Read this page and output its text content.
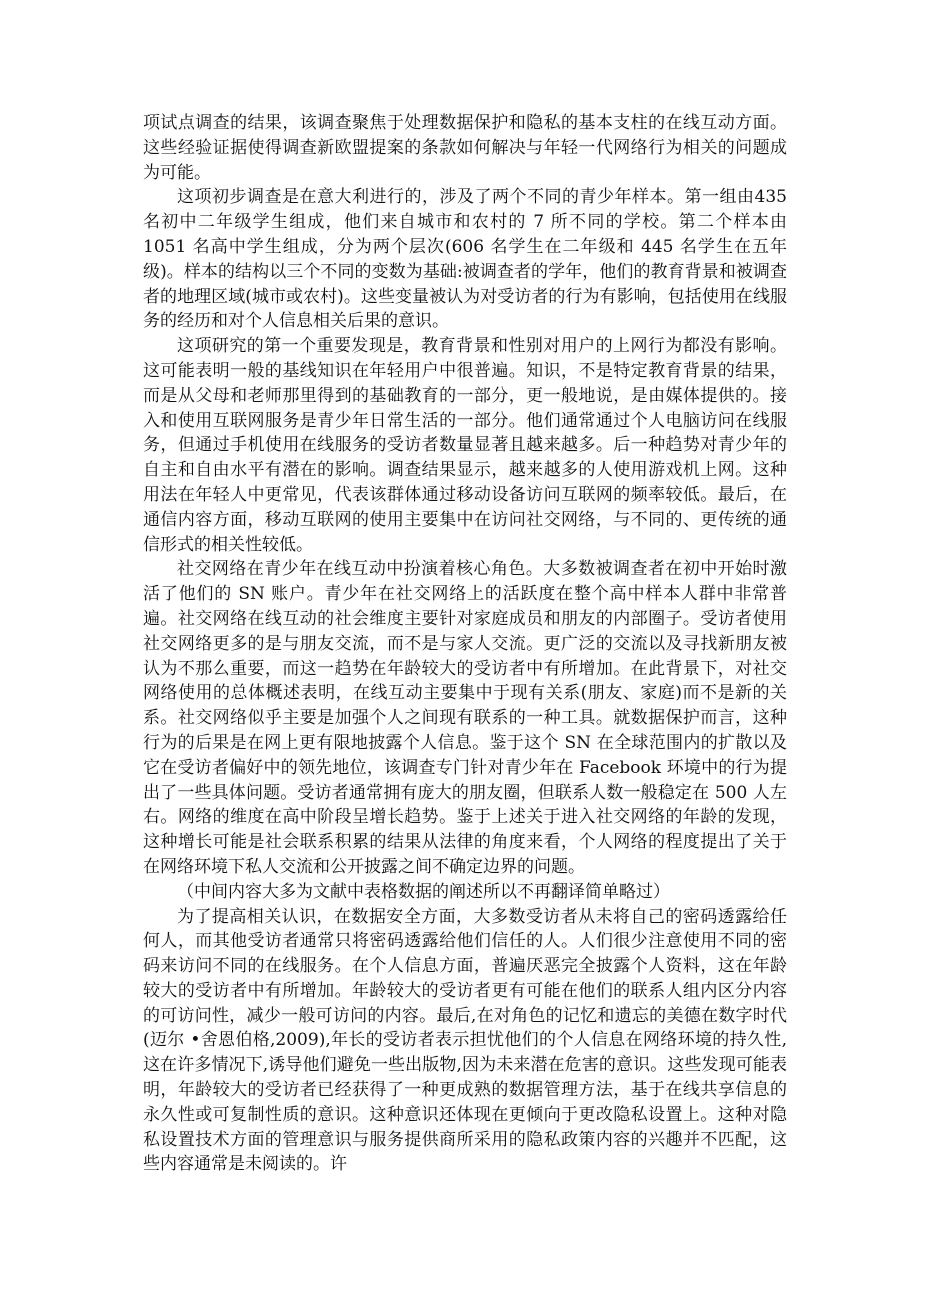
项试点调查的结果，该调查聚焦于处理数据保护和隐私的基本支柱的在线互动方面。这些经验证据使得调查新欧盟提案的条款如何解决与年轻一代网络行为相关的问题成为可能。

这项初步调查是在意大利进行的，涉及了两个不同的青少年样本。第一组由435 名初中二年级学生组成，他们来自城市和农村的 7 所不同的学校。第二个样本由 1051 名高中学生组成，分为两个层次(606 名学生在二年级和 445 名学生在五年级)。样本的结构以三个不同的变数为基础:被调查者的学年，他们的教育背景和被调查者的地理区域(城市或农村)。这些变量被认为对受访者的行为有影响，包括使用在线服务的经历和对个人信息相关后果的意识。

这项研究的第一个重要发现是，教育背景和性别对用户的上网行为都没有影响。这可能表明一般的基线知识在年轻用户中很普遍。知识，不是特定教育背景的结果，而是从父母和老师那里得到的基础教育的一部分，更一般地说，是由媒体提供的。接入和使用互联网服务是青少年日常生活的一部分。他们通常通过个人电脑访问在线服务，但通过手机使用在线服务的受访者数量显著且越来越多。后一种趋势对青少年的自主和自由水平有潜在的影响。调查结果显示，越来越多的人使用游戏机上网。这种用法在年轻人中更常见，代表该群体通过移动设备访问互联网的频率较低。最后，在通信内容方面，移动互联网的使用主要集中在访问社交网络，与不同的、更传统的通信形式的相关性较低。

社交网络在青少年在线互动中扮演着核心角色。大多数被调查者在初中开始时激活了他们的 SN 账户。青少年在社交网络上的活跃度在整个高中样本人群中非常普遍。社交网络在线互动的社会维度主要针对家庭成员和朋友的内部圈子。受访者使用社交网络更多的是与朋友交流，而不是与家人交流。更广泛的交流以及寻找新朋友被认为不那么重要，而这一趋势在年龄较大的受访者中有所增加。在此背景下，对社交网络使用的总体概述表明，在线互动主要集中于现有关系(朋友、家庭)而不是新的关系。社交网络似乎主要是加强个人之间现有联系的一种工具。就数据保护而言，这种行为的后果是在网上更有限地披露个人信息。鉴于这个 SN 在全球范围内的扩散以及它在受访者偏好中的领先地位，该调查专门针对青少年在 Facebook 环境中的行为提出了一些具体问题。受访者通常拥有庞大的朋友圈，但联系人数一般稳定在 500 人左右。网络的维度在高中阶段呈增长趋势。鉴于上述关于进入社交网络的年龄的发现，这种增长可能是社会联系积累的结果从法律的角度来看，个人网络的程度提出了关于在网络环境下私人交流和公开披露之间不确定边界的问题。

（中间内容大多为文献中表格数据的阐述所以不再翻译简单略过）

为了提高相关认识，在数据安全方面，大多数受访者从未将自己的密码透露给任何人，而其他受访者通常只将密码透露给他们信任的人。人们很少注意使用不同的密码来访问不同的在线服务。在个人信息方面，普遍厌恶完全披露个人资料，这在年龄较大的受访者中有所增加。年龄较大的受访者更有可能在他们的联系人组内区分内容的可访问性，减少一般可访问的内容。最后,在对角色的记忆和遗忘的美德在数字时代(迈尔 •舍恩伯格,2009),年长的受访者表示担忧他们的个人信息在网络环境的持久性,这在许多情况下,诱导他们避免一些出版物,因为未来潜在危害的意识。这些发现可能表明，年龄较大的受访者已经获得了一种更成熟的数据管理方法，基于在线共享信息的永久性或可复制性质的意识。这种意识还体现在更倾向于更改隐私设置上。这种对隐私设置技术方面的管理意识与服务提供商所采用的隐私政策内容的兴趣并不匹配，这些内容通常是未阅读的。许
